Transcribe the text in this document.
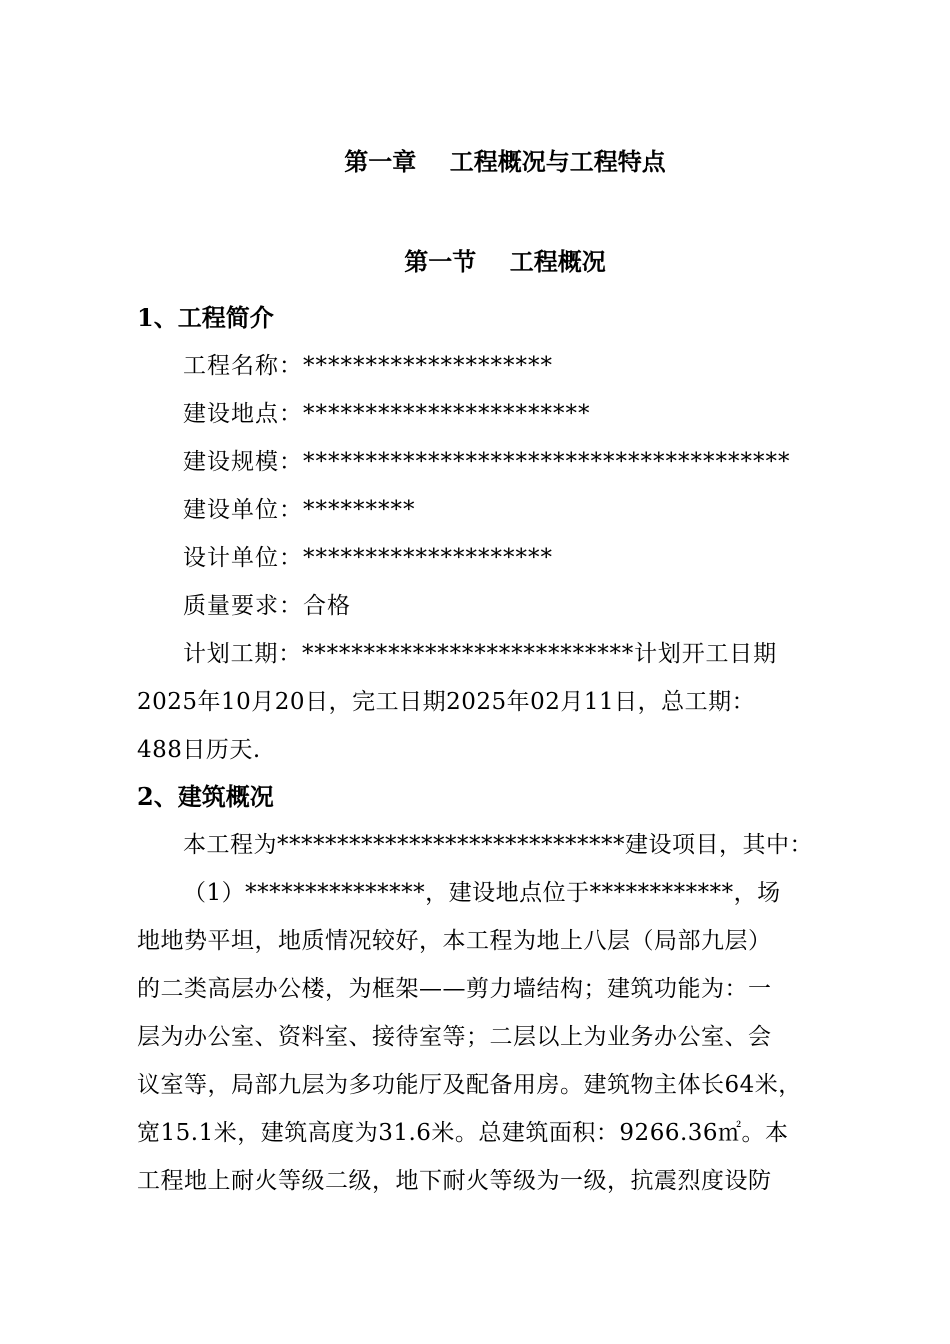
第一章    工程概况与工程特点
第一节    工程概况
1、工程简介
工程名称：********************
建设地点：***********************
建设规模：***************************************
建设单位：*********
设计单位：********************
质量要求：合格
计划工期：***************************计划开工日期
2025年10月20日，完工日期2025年02月11日，总工期：
488日历天.
2、建筑概况
本工程为*****************************建设项目，其中：
（1）***************，建设地点位于************，场
地地势平坦，地质情况较好，本工程为地上八层（局部九层）
的二类高层办公楼，为框架——剪力墙结构；建筑功能为：一
层为办公室、资料室、接待室等；二层以上为业务办公室、会
议室等，局部九层为多功能厅及配备用房。建筑物主体长64米，
宽15.1米，建筑高度为31.6米。总建筑面积：9266.36㎡。本
工程地上耐火等级二级，地下耐火等级为一级，抗震烈度设防
